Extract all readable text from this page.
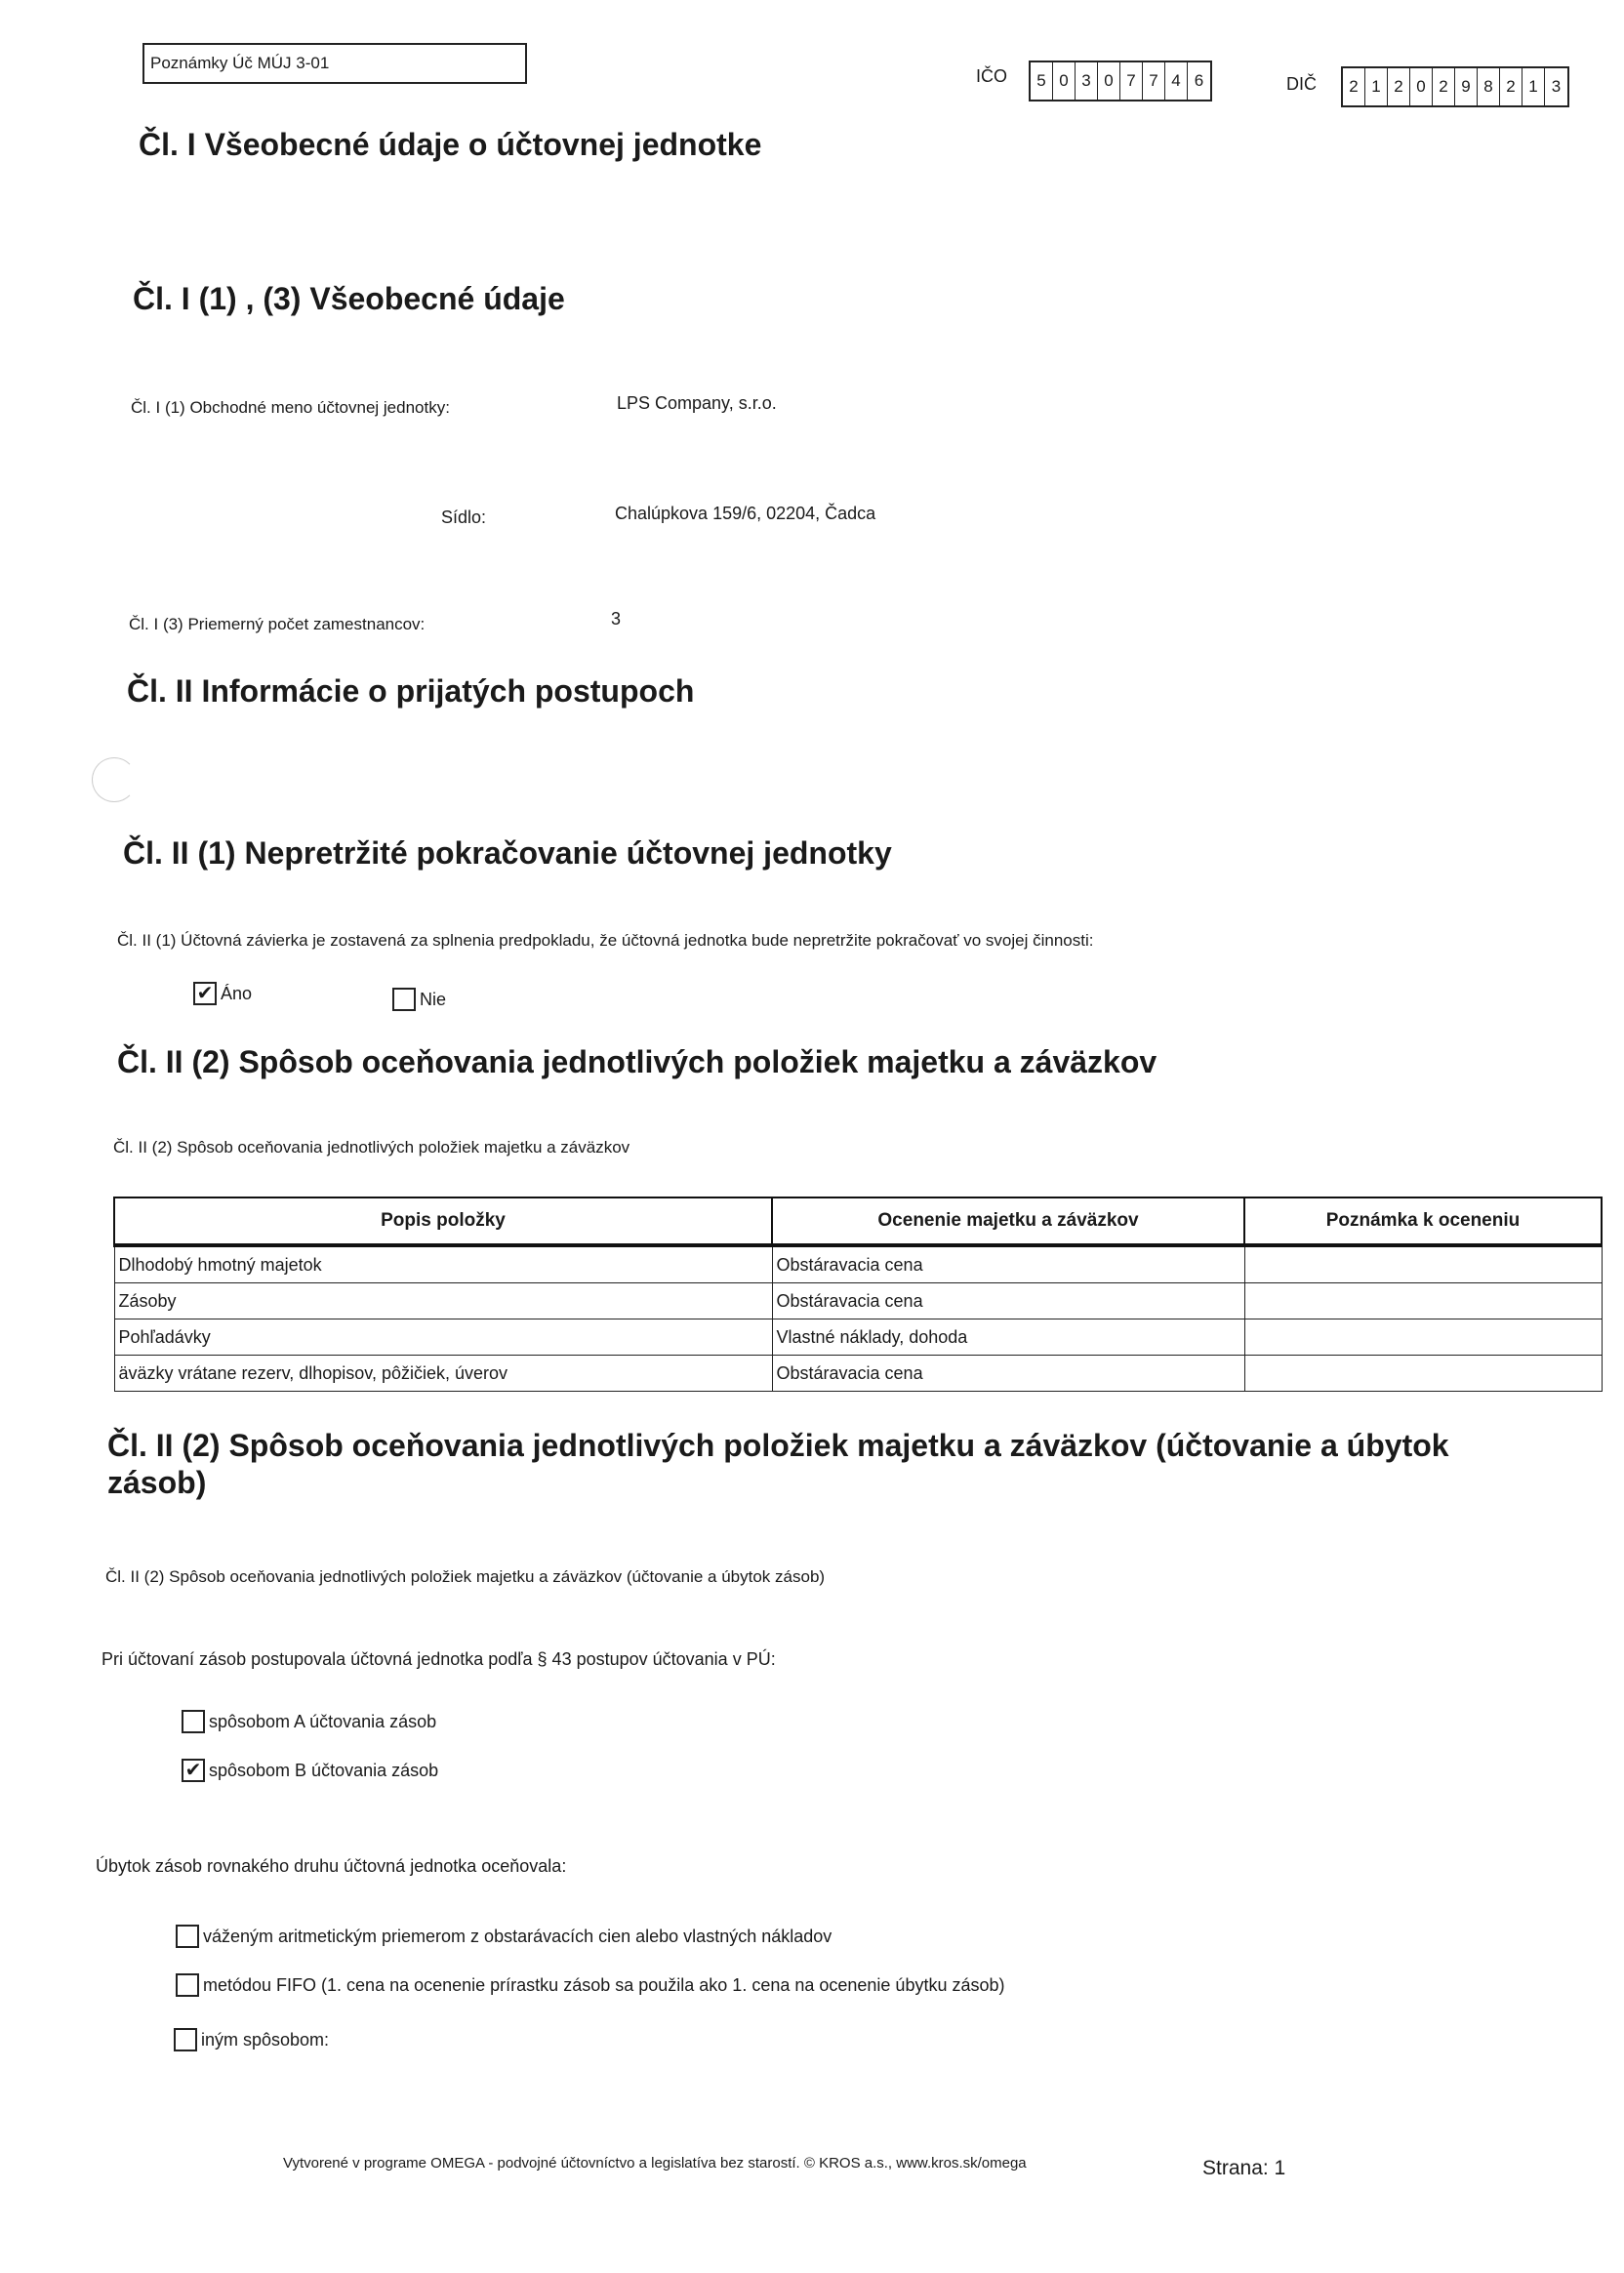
Poznámky Úč MÚJ 3-01
IČO	5 0 3 0 7 7 4 6	DIČ	2 1 2 0 2 9 8 2 1 3
Čl. I Všeobecné údaje o účtovnej jednotke
Čl. I (1) , (3) Všeobecné údaje
Čl. I (1) Obchodné meno účtovnej jednotky:	LPS Company, s.r.o.
Sídlo:	Chalúpkova 159/6, 02204, Čadca
Čl. I (3) Priemerný počet zamestnancov:	3
Čl. II Informácie o prijatých postupoch
Čl. II (1) Nepretržité pokračovanie účtovnej jednotky
Čl. II (1) Účtovná závierka je zostavená za splnenia predpokladu, že účtovná jednotka bude nepretržite pokračovať vo svojej činnosti:
✔ Áno	Nie
Čl. II (2) Spôsob oceňovania jednotlivých položiek majetku a záväzkov
Čl. II (2) Spôsob oceňovania jednotlivých položiek majetku a záväzkov
Popis položky	Ocenenie majetku a záväzkov	Poznámka k oceneniu
Dlhodobý hmotný majetok	Obstáravacia cena	
Zásoby	Obstáravacia cena	
Pohľadávky	Vlastné náklady, dohoda	
äväzky vrátane rezerv, dlhopisov, pôžičiek, úverov	Obstáravacia cena	
Čl. II (2) Spôsob oceňovania jednotlivých položiek majetku a záväzkov (účtovanie a úbytok
zásob)
Čl. II (2) Spôsob oceňovania jednotlivých položiek majetku a záväzkov (účtovanie a úbytok zásob)
Pri účtovaní zásob postupovala účtovná jednotka podľa § 43 postupov účtovania v PÚ:
spôsobom A účtovania zásob
✔ spôsobom B účtovania zásob
Úbytok zásob rovnakého druhu účtovná jednotka oceňovala:
váženým aritmetickým priemerom z obstarávacích cien alebo vlastných nákladov
metódou FIFO (1. cena na ocenenie prírastku zásob sa použila ako 1. cena na ocenenie úbytku zásob)
iným spôsobom:
Vytvorené v programe OMEGA - podvojné účtovníctvo a legislatíva bez starostí. © KROS a.s., www.kros.sk/omega	Strana: 1
